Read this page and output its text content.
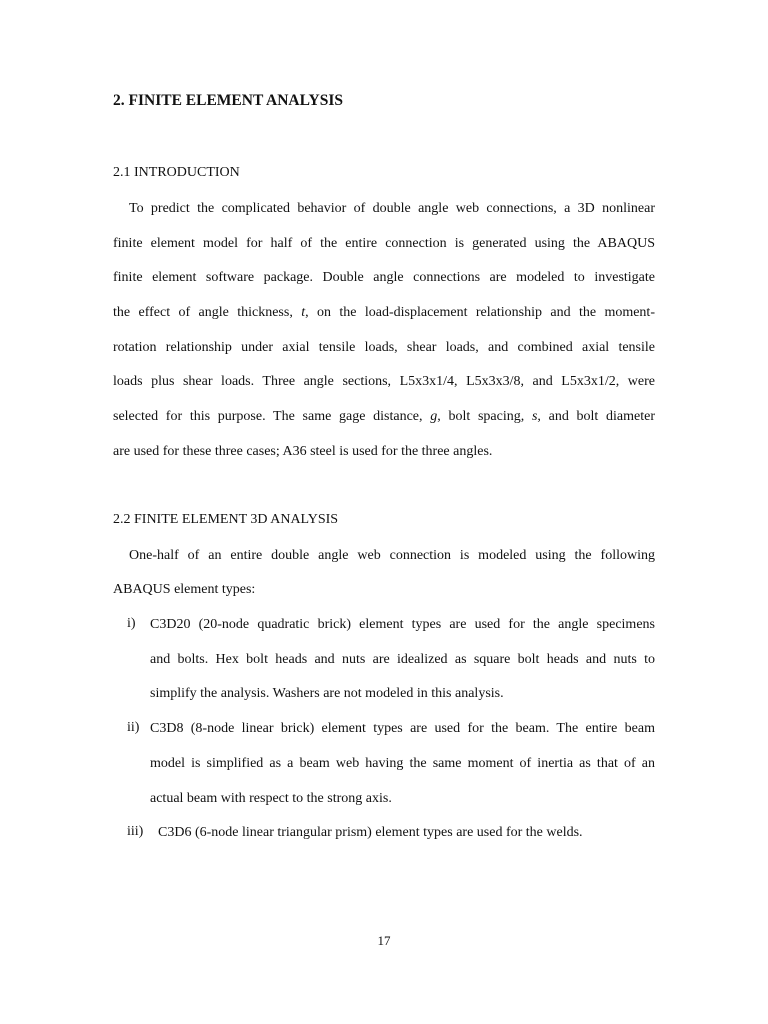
2. FINITE ELEMENT ANALYSIS
2.1 INTRODUCTION
To predict the complicated behavior of double angle web connections, a 3D nonlinear
finite element model for half of the entire connection is generated using the ABAQUS
finite element software package. Double angle connections are modeled to investigate
the effect of angle thickness, t, on the load-displacement relationship and the moment-
rotation relationship under axial tensile loads, shear loads, and combined axial tensile
loads plus shear loads. Three angle sections, L5x3x1/4, L5x3x3/8, and L5x3x1/2, were
selected for this purpose. The same gage distance, g, bolt spacing, s, and bolt diameter
are used for these three cases; A36 steel is used for the three angles.
2.2 FINITE ELEMENT 3D ANALYSIS
One-half of an entire double angle web connection is modeled using the following
ABAQUS element types:
i) C3D20 (20-node quadratic brick) element types are used for the angle specimens
and bolts. Hex bolt heads and nuts are idealized as square bolt heads and nuts to
simplify the analysis. Washers are not modeled in this analysis.
ii) C3D8 (8-node linear brick) element types are used for the beam. The entire beam
model is simplified as a beam web having the same moment of inertia as that of an
actual beam with respect to the strong axis.
iii) C3D6 (6-node linear triangular prism) element types are used for the welds.
17
